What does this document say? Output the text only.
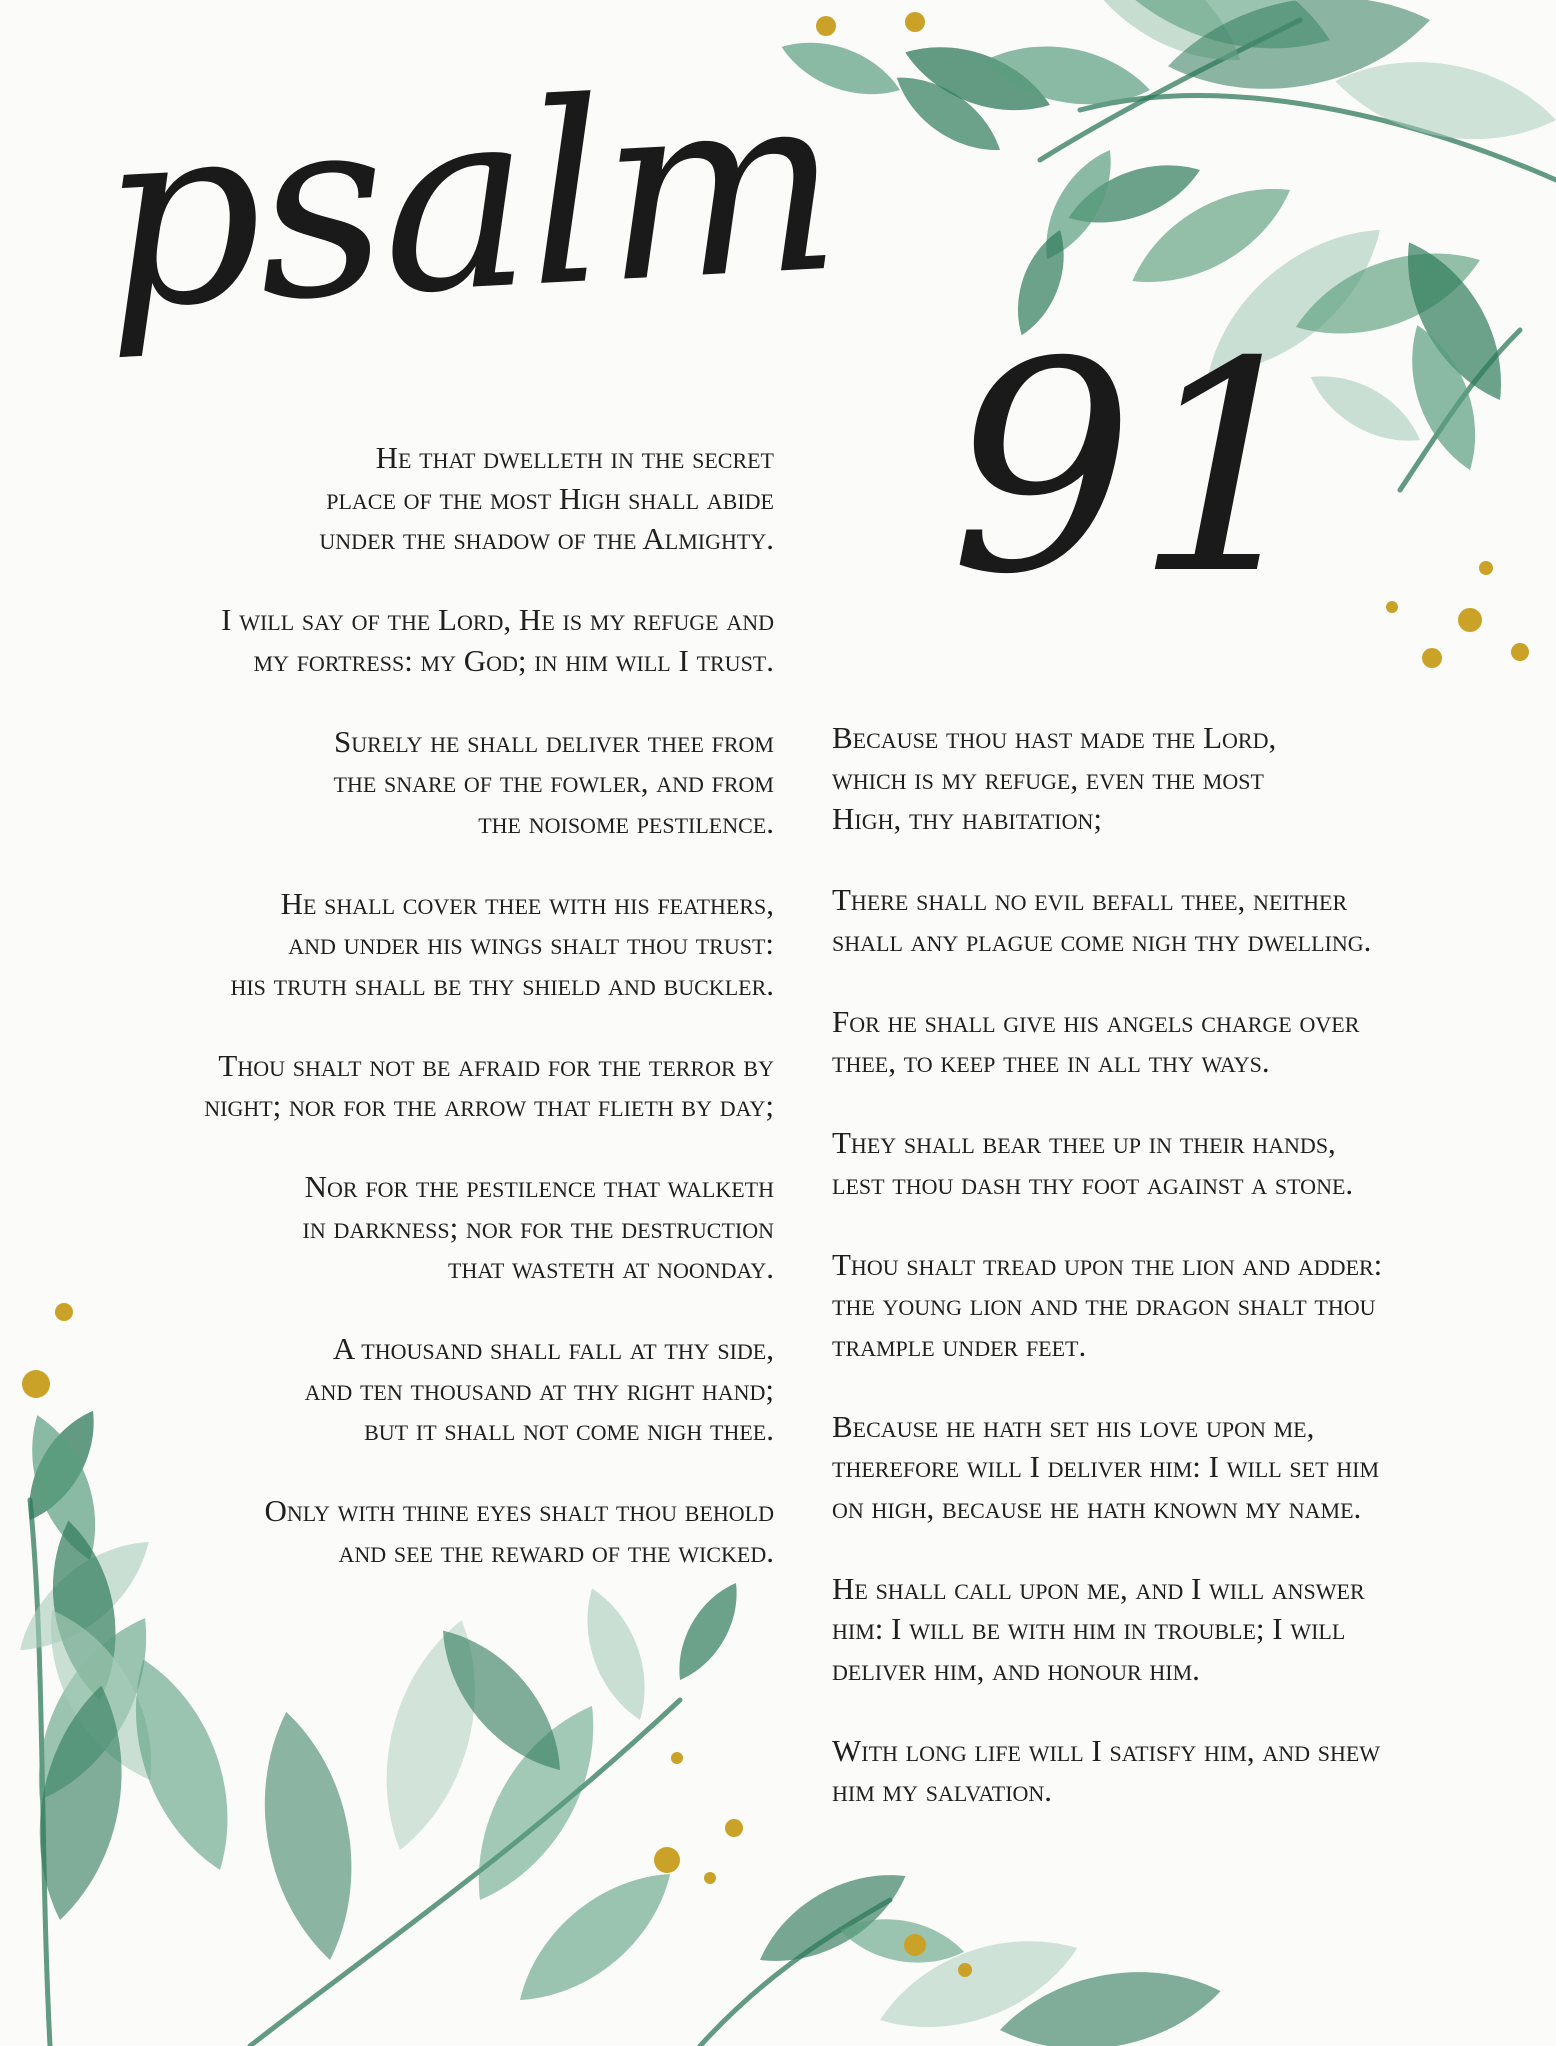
psalm
91

He that dwelleth in the secret
place of the most High shall abide
under the shadow of the Almighty.

I will say of the Lord, He is my refuge and
my fortress: my God; in him will I trust.

Surely he shall deliver thee from
the snare of the fowler, and from
the noisome pestilence.

He shall cover thee with his feathers,
and under his wings shalt thou trust:
his truth shall be thy shield and buckler.

Thou shalt not be afraid for the terror by
night; nor for the arrow that flieth by day;

Nor for the pestilence that walketh
in darkness; nor for the destruction
that wasteth at noonday.

A thousand shall fall at thy side,
and ten thousand at thy right hand;
but it shall not come nigh thee.

Only with thine eyes shalt thou behold
and see the reward of the wicked.

Because thou hast made the Lord,
which is my refuge, even the most
High, thy habitation;

There shall no evil befall thee, neither
shall any plague come nigh thy dwelling.

For he shall give his angels charge over
thee, to keep thee in all thy ways.

They shall bear thee up in their hands,
lest thou dash thy foot against a stone.

Thou shalt tread upon the lion and adder:
the young lion and the dragon shalt thou
trample under feet.

Because he hath set his love upon me,
therefore will I deliver him: I will set him
on high, because he hath known my name.

He shall call upon me, and I will answer
him: I will be with him in trouble; I will
deliver him, and honour him.

With long life will I satisfy him, and shew
him my salvation.
